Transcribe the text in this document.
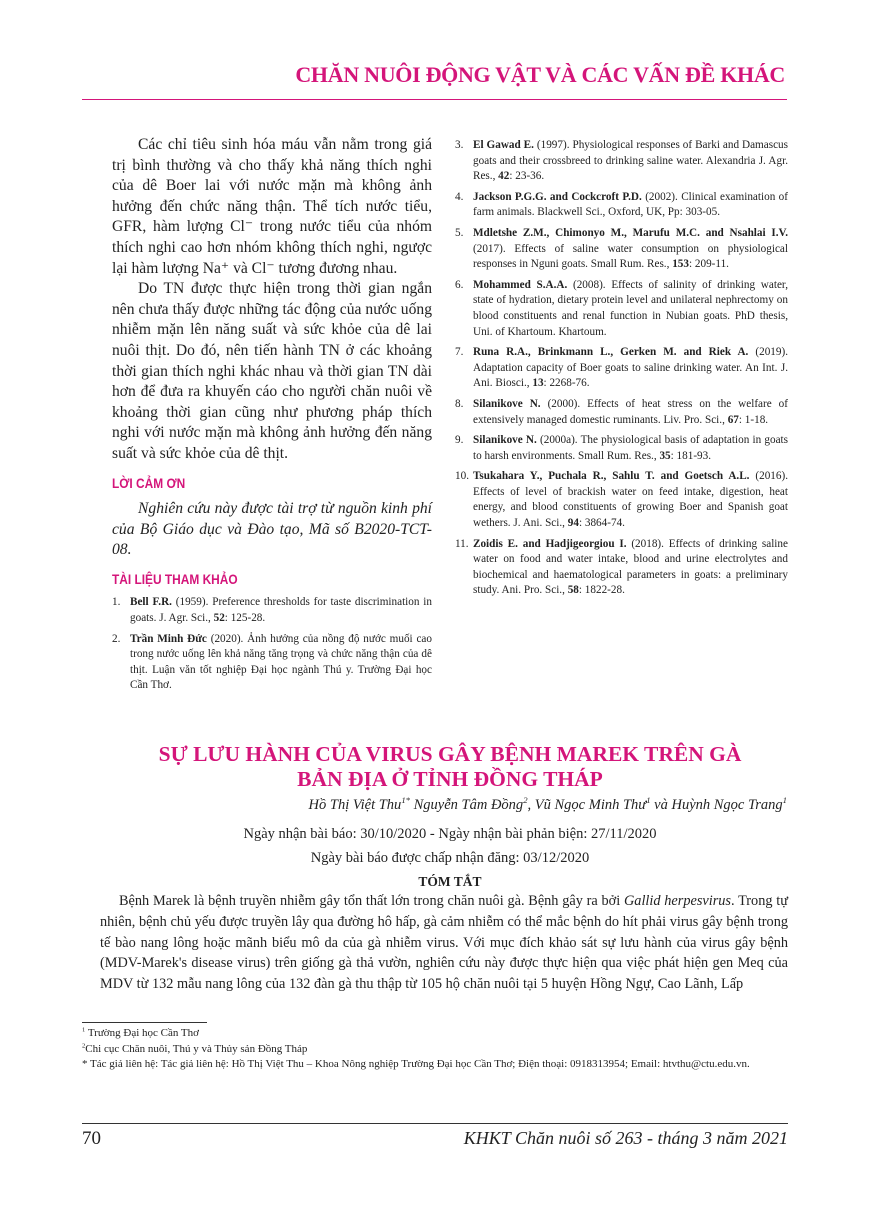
CHĂN NUÔI ĐỘNG VẬT VÀ CÁC VẤN ĐỀ KHÁC

Các chỉ tiêu sinh hóa máu vẫn nằm trong giá trị bình thường và cho thấy khả năng thích nghi của dê Boer lai với nước mặn mà không ảnh hưởng đến chức năng thận. Thể tích nước tiểu, GFR, hàm lượng Cl⁻ trong nước tiểu của nhóm thích nghi cao hơn nhóm không thích nghi, ngược lại hàm lượng Na⁺ và Cl⁻ tương đương nhau.

Do TN được thực hiện trong thời gian ngắn nên chưa thấy được những tác động của nước uống nhiễm mặn lên năng suất và sức khỏe của dê lai nuôi thịt. Do đó, nên tiến hành TN ở các khoảng thời gian thích nghi khác nhau và thời gian TN dài hơn để đưa ra khuyến cáo cho người chăn nuôi về khoảng thời gian cũng như phương pháp thích nghi với nước mặn mà không ảnh hưởng đến năng suất và sức khỏe của dê thịt.

LỜI CẢM ƠN

Nghiên cứu này được tài trợ từ nguồn kinh phí của Bộ Giáo dục và Đào tạo, Mã số B2020-TCT-08.

TÀI LIỆU THAM KHẢO
1. Bell F.R. (1959). Preference thresholds for taste discrimination in goats. J. Agr. Sci., 52: 125-28.
2. Trần Minh Đức (2020). Ảnh hưởng của nồng độ nước muối cao trong nước uống lên khả năng tăng trọng và chức năng thận của dê thịt. Luận văn tốt nghiệp Đại học ngành Thú y. Trường Đại học Cần Thơ.
3. El Gawad E. (1997). Physiological responses of Barki and Damascus goats and their crossbreed to drinking saline water. Alexandria J. Agr. Res., 42: 23-36.
4. Jackson P.G.G. and Cockcroft P.D. (2002). Clinical examination of farm animals. Blackwell Sci., Oxford, UK, Pp: 303-05.
5. Mdletshe Z.M., Chimonyo M., Marufu M.C. and Nsahlai I.V. (2017). Effects of saline water consumption on physiological responses in Nguni goats. Small Rum. Res., 153: 209-11.
6. Mohammed S.A.A. (2008). Effects of salinity of drinking water, state of hydration, dietary protein level and unilateral nephrectomy on blood constituents and renal function in Nubian goats. PhD thesis, Uni. of Khartoum. Khartoum.
7. Runa R.A., Brinkmann L., Gerken M. and Riek A. (2019). Adaptation capacity of Boer goats to saline drinking water. An Int. J. Ani. Biosci., 13: 2268-76.
8. Silanikove N. (2000). Effects of heat stress on the welfare of extensively managed domestic ruminants. Liv. Pro. Sci., 67: 1-18.
9. Silanikove N. (2000a). The physiological basis of adaptation in goats to harsh environments. Small Rum. Res., 35: 181-93.
10. Tsukahara Y., Puchala R., Sahlu T. and Goetsch A.L. (2016). Effects of level of brackish water on feed intake, digestion, heat energy, and blood constituents of growing Boer and Spanish goat wethers. J. Ani. Sci., 94: 3864-74.
11. Zoidis E. and Hadjigeorgiou I. (2018). Effects of drinking saline water on food and water intake, blood and urine electrolytes and biochemical and haematological parameters in goats: a preliminary study. Ani. Pro. Sci., 58: 1822-28.
SỰ LƯU HÀNH CỦA VIRUS GÂY BỆNH MAREK TRÊN GÀ
BẢN ĐỊA Ở TỈNH ĐỒNG THÁP
Hồ Thị Việt Thu$^{1*}$ Nguyễn Tâm Đồng$^2$, Vũ Ngọc Minh Thư$^1$ và Huỳnh Ngọc Trang$^1$
Ngày nhận bài báo: 30/10/2020 - Ngày nhận bài phản biện: 27/11/2020
Ngày bài báo được chấp nhận đăng: 03/12/2020
TÓM TẮT

Bệnh Marek là bệnh truyền nhiễm gây tổn thất lớn trong chăn nuôi gà. Bệnh gây ra bởi Gallid herpesvirus. Trong tự nhiên, bệnh chủ yếu được truyền lây qua đường hô hấp, gà cảm nhiễm có thể mắc bệnh do hít phải virus gây bệnh trong tế bào nang lông hoặc mãnh biểu mô da của gà nhiễm virus. Với mục đích khảo sát sự lưu hành của virus gây bệnh (MDV-Marek's disease virus) trên giống gà thả vườn, nghiên cứu này được thực hiện qua việc phát hiện gen Meq của MDV từ 132 mẫu nang lông của 132 đàn gà thu thập từ 105 hộ chăn nuôi tại 5 huyện Hồng Ngự, Cao Lãnh, Lấp

$^1$ Trường Đại học Cần Thơ
$^2$Chi cục Chăn nuôi, Thú y và Thủy sản Đồng Tháp
* Tác giả liên hệ: Tác giả liên hệ: Hồ Thị Việt Thu – Khoa Nông nghiệp Trường Đại học Cần Thơ; Điện thoại: 0918313954; Email: htvthu@ctu.edu.vn.
70	KHKT Chăn nuôi số 263 - tháng 3 năm 2021
